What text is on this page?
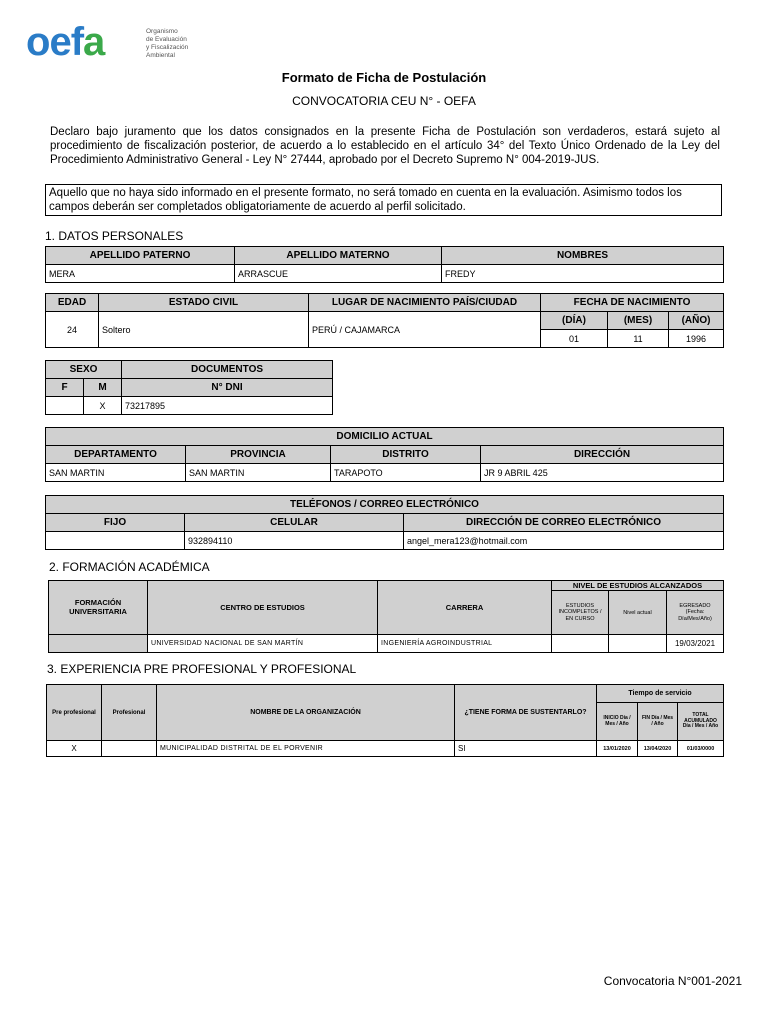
oefa	Organismo
de Evaluación
y Fiscalización
Ambiental
Formato de Ficha de Postulación
CONVOCATORIA CEU N° - OEFA
Declaro bajo juramento que los datos consignados en la presente Ficha de Postulación son verdaderos, estará sujeto al procedimiento de fiscalización posterior, de acuerdo a lo establecido en el artículo 34° del Texto Único Ordenado de la Ley del Procedimiento Administrativo General - Ley N° 27444, aprobado por el Decreto Supremo N° 004-2019-JUS.
Aquello que no haya sido informado en el presente formato, no será tomado en cuenta en la evaluación. Asimismo todos los campos deberán ser completados obligatoriamente de acuerdo al perfil solicitado.
1. DATOS PERSONALES
APELLIDO PATERNO	APELLIDO MATERNO	NOMBRES
MERA	ARRASCUE	FREDY
EDAD	ESTADO CIVIL	LUGAR DE NACIMIENTO PAÍS/CIUDAD	FECHA DE NACIMIENTO		
24	Soltero	PERÚ / CAJAMARCA	(DÍA)	(MES)	(AÑO)
			01	11	1996
SEXO		DOCUMENTOS
F	M	N° DNI
	X	73217895
DOMICILIO ACTUAL			
DEPARTAMENTO	PROVINCIA	DISTRITO	DIRECCIÓN
SAN MARTIN	SAN MARTIN	TARAPOTO	JR 9 ABRIL 425
TELÉFONOS / CORREO ELECTRÓNICO		
FIJO	CELULAR	DIRECCIÓN DE CORREO ELECTRÓNICO
	932894110	angel_mera123@hotmail.com
2. FORMACIÓN ACADÉMICA
FORMACIÓN UNIVERSITARIA	CENTRO DE ESTUDIOS	CARRERA	NIVEL DE ESTUDIOS ALCANZADOS		
			ESTUDIOS INCOMPLETOS / EN CURSO	Nivel actual	EGRESADO (Fecha: Día/Mes/Año)
	UNIVERSIDAD NACIONAL DE SAN MARTÍN	INGENIERÍA AGROINDUSTRIAL			19/03/2021
3. EXPERIENCIA PRE PROFESIONAL Y PROFESIONAL
Pre profesional	Profesional	NOMBRE DE LA ORGANIZACIÓN	¿TIENE FORMA DE SUSTENTARLO?	Tiempo de servicio		
				INICIO Día / Mes / Año	FIN Día / Mes / Año	TOTAL ACUMULADO Día / Mes / Año
X		MUNICIPALIDAD DISTRITAL DE EL PORVENIR	SI	13/01/2020	13/04/2020	01/03/0000
Convocatoria N°001-2021
